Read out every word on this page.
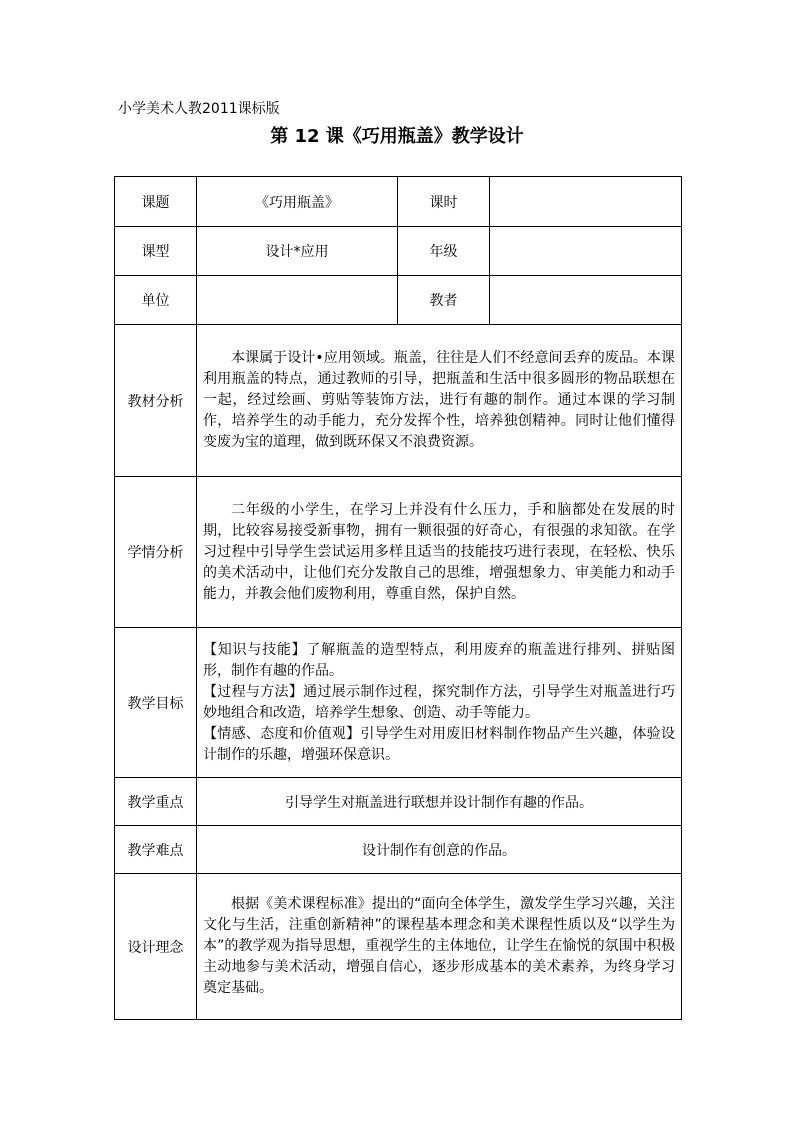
小学美术人教2011课标版
第 12 课《巧用瓶盖》教学设计
课题	《巧用瓶盖》	课时	
课型	设计*应用	年级	
单位		教者	
教材分析	本课属于设计•应用领域。瓶盖，往往是人们不经意间丢弃的废品。本课利用瓶盖的特点，通过教师的引导，把瓶盖和生活中很多圆形的物品联想在一起，经过绘画、剪贴等装饰方法，进行有趣的制作。通过本课的学习制作，培养学生的动手能力，充分发挥个性，培养独创精神。同时让他们懂得变废为宝的道理，做到既环保又不浪费资源。		

学情分析	二年级的小学生，在学习上并没有什么压力，手和脑都处在发展的时期，比较容易接受新事物，拥有一颗很强的好奇心，有很强的求知欲。在学习过程中引导学生尝试运用多样且适当的技能技巧进行表现，在轻松、快乐的美术活动中，让他们充分发散自己的思维，增强想象力、审美能力和动手能力，并教会他们废物利用，尊重自然，保护自然。		

教学目标	【知识与技能】了解瓶盖的造型特点，利用废弃的瓶盖进行排列、拼贴图形，制作有趣的作品。
【过程与方法】通过展示制作过程，探究制作方法，引导学生对瓶盖进行巧妙地组合和改造，培养学生想象、创造、动手等能力。
【情感、态度和价值观】引导学生对用废旧材料制作物品产生兴趣，体验设计制作的乐趣，增强环保意识。		

教学重点	引导学生对瓶盖进行联想并设计制作有趣的作品。		
教学难点	设计制作有创意的作品。		
设计理念	根据《美术课程标准》提出的“面向全体学生，激发学生学习兴趣，关注文化与生活，注重创新精神”的课程基本理念和美术课程性质以及“以学生为本”的教学观为指导思想，重视学生的主体地位，让学生在愉悦的氛围中积极主动地参与美术活动，增强自信心，逐步形成基本的美术素养，为终身学习奠定基础。		
